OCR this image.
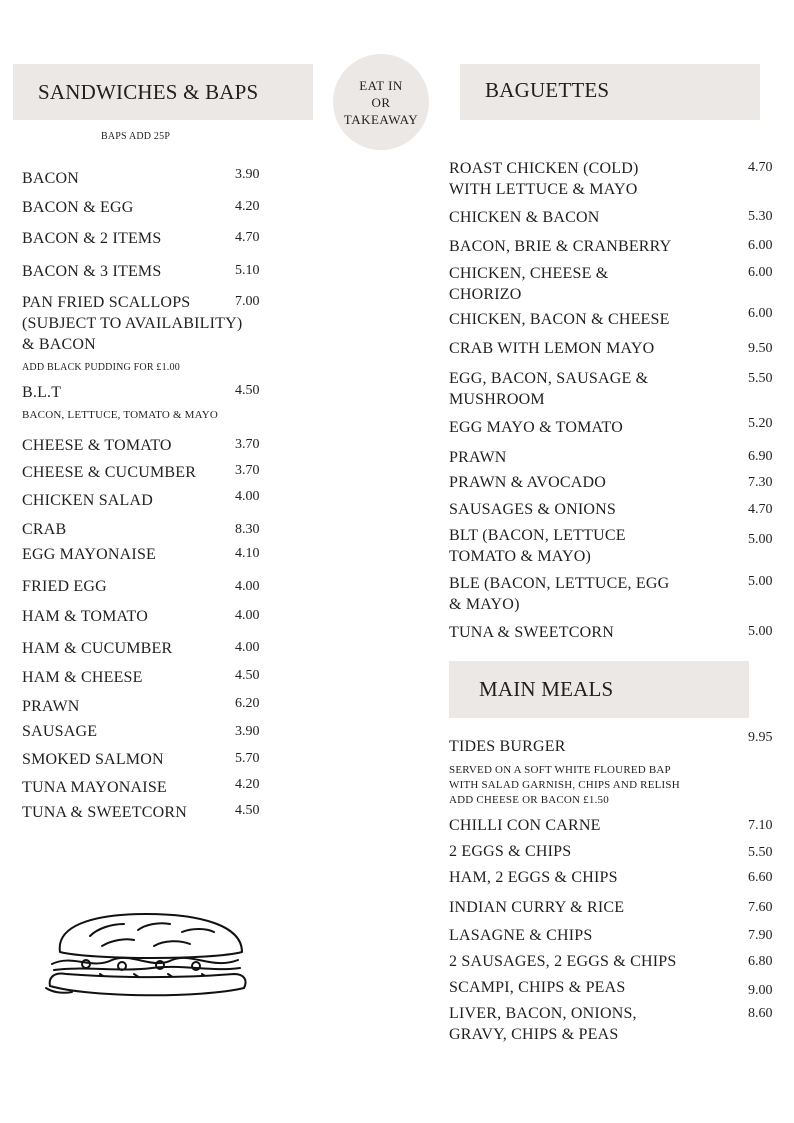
SANDWICHES & BAPS
BAPS ADD 25P
BACON	3.90
BACON & EGG	4.20
BACON & 2 ITEMS	4.70
BACON & 3 ITEMS	5.10
PAN FRIED SCALLOPS
(SUBJECT TO AVAILABILITY)
& BACON
7.00
ADD BLACK PUDDING FOR £1.00
B.L.T	4.50
BACON, LETTUCE, TOMATO & MAYO
CHEESE & TOMATO	3.70
CHEESE & CUCUMBER	3.70
CHICKEN SALAD	4.00
CRAB	8.30
EGG MAYONAISE	4.10
FRIED EGG	4.00
HAM & TOMATO	4.00
HAM & CUCUMBER	4.00
HAM & CHEESE	4.50
PRAWN	6.20
SAUSAGE	3.90
SMOKED SALMON	5.70
TUNA MAYONAISE	4.20
TUNA & SWEETCORN	4.50
EAT IN
OR
TAKEAWAY
BAGUETTES
ROAST CHICKEN (COLD)
WITH LETTUCE & MAYO
4.70
CHICKEN & BACON	5.30
BACON, BRIE & CRANBERRY	6.00
CHICKEN, CHEESE &
CHORIZO
6.00
CHICKEN, BACON & CHEESE	6.00
CRAB WITH LEMON MAYO	9.50
EGG, BACON, SAUSAGE &
MUSHROOM
5.50
EGG MAYO & TOMATO	5.20
PRAWN	6.90
PRAWN & AVOCADO	7.30
SAUSAGES & ONIONS	4.70
BLT (BACON, LETTUCE
TOMATO & MAYO)
5.00
BLE (BACON, LETTUCE, EGG
& MAYO)
5.00
TUNA & SWEETCORN	5.00
MAIN MEALS
TIDES BURGER
9.95
SERVED ON A SOFT WHITE FLOURED BAP
WITH SALAD GARNISH, CHIPS AND RELISH
ADD CHEESE OR BACON £1.50
CHILLI CON CARNE	7.10
2 EGGS & CHIPS	5.50
HAM, 2 EGGS & CHIPS	6.60
INDIAN CURRY & RICE	7.60
LASAGNE & CHIPS	7.90
2 SAUSAGES, 2 EGGS & CHIPS	6.80
SCAMPI, CHIPS & PEAS	9.00
LIVER, BACON, ONIONS,
GRAVY, CHIPS & PEAS
8.60
